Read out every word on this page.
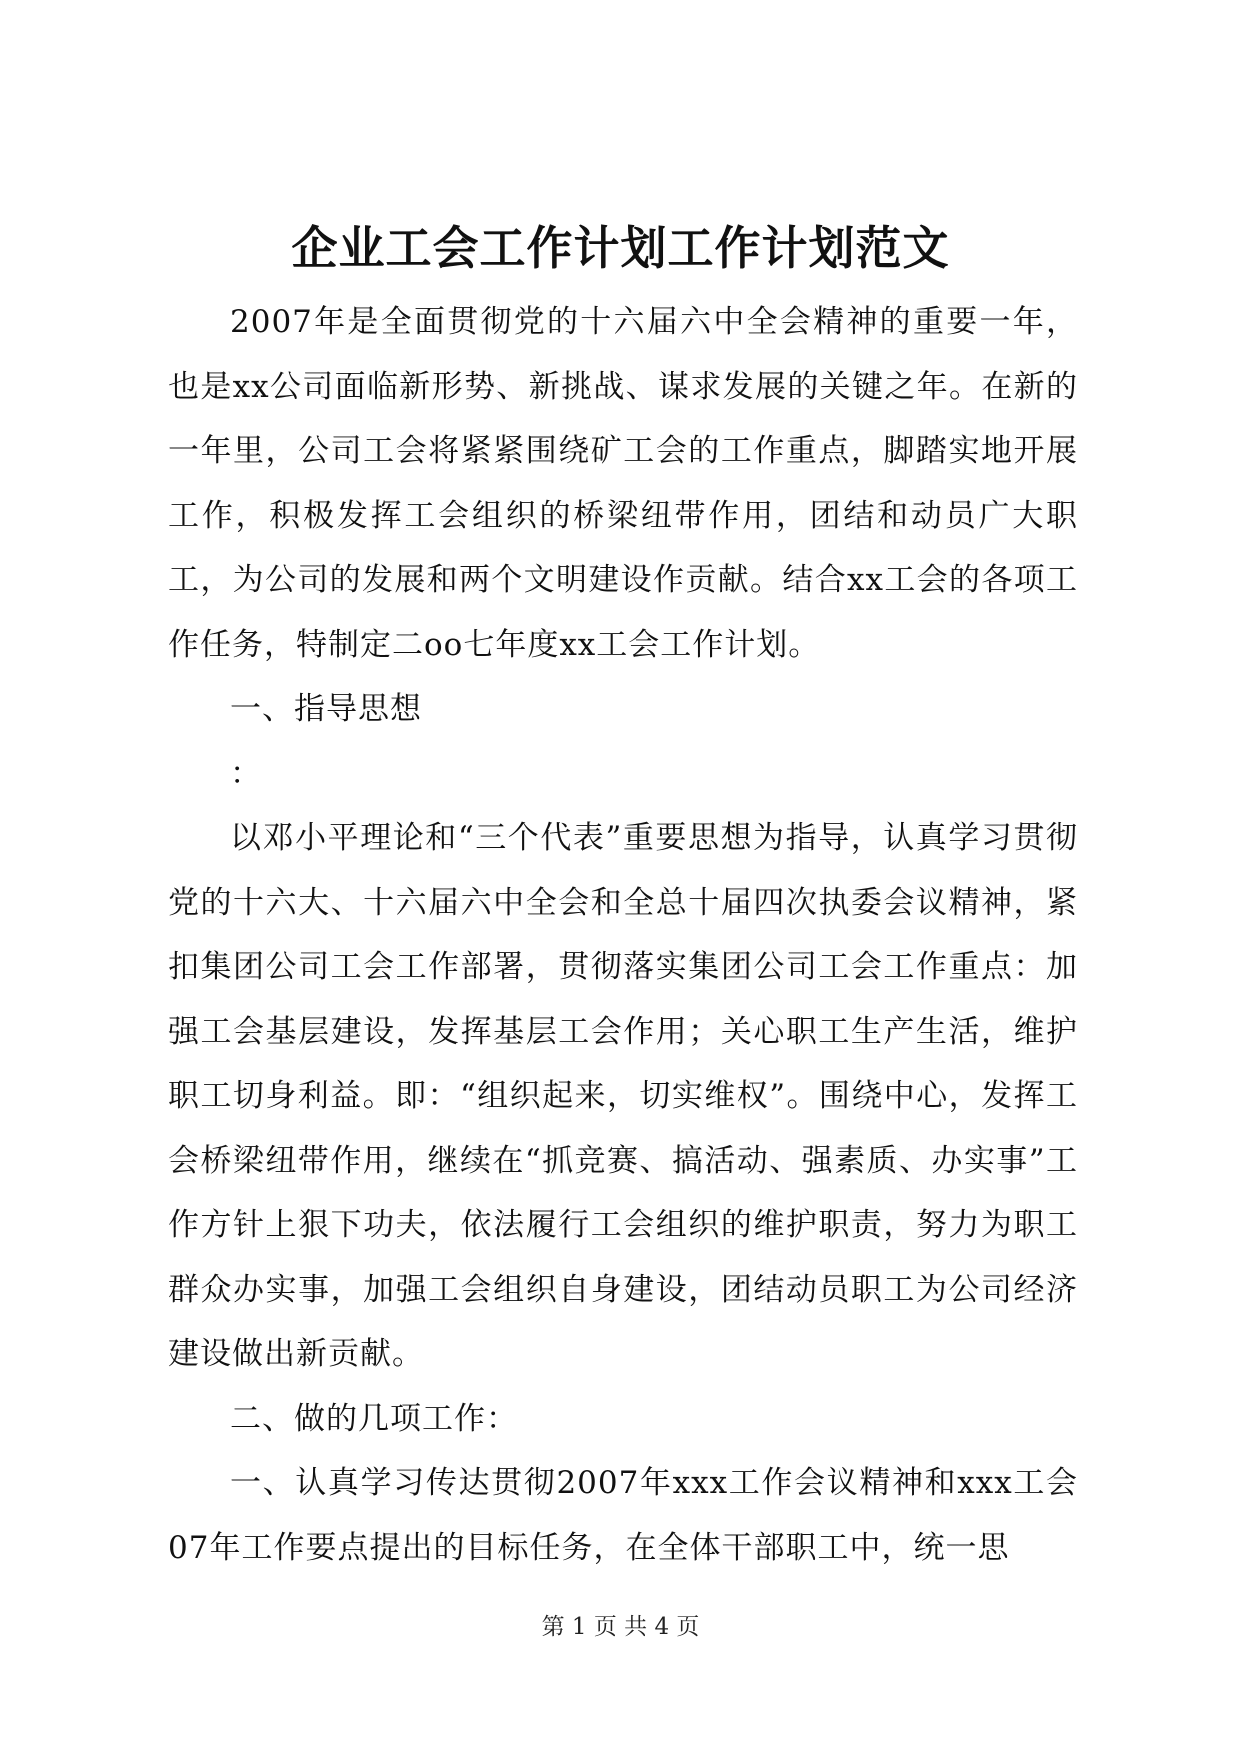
企业工会工作计划工作计划范文

2007年是全面贯彻党的十六届六中全会精神的重要一年，也是xx公司面临新形势、新挑战、谋求发展的关键之年。在新的一年里，公司工会将紧紧围绕矿工会的工作重点，脚踏实地开展工作，积极发挥工会组织的桥梁纽带作用，团结和动员广大职工，为公司的发展和两个文明建设作贡献。结合xx工会的各项工作任务，特制定二oo七年度xx工会工作计划。

一、指导思想

：

以邓小平理论和“三个代表”重要思想为指导，认真学习贯彻党的十六大、十六届六中全会和全总十届四次执委会议精神，紧扣集团公司工会工作部署，贯彻落实集团公司工会工作重点：加强工会基层建设，发挥基层工会作用；关心职工生产生活，维护职工切身利益。即：“组织起来，切实维权”。围绕中心，发挥工会桥梁纽带作用，继续在“抓竞赛、搞活动、强素质、办实事”工作方针上狠下功夫，依法履行工会组织的维护职责，努力为职工群众办实事，加强工会组织自身建设，团结动员职工为公司经济建设做出新贡献。

二、做的几项工作：

一、认真学习传达贯彻2007年xxx工作会议精神和xxx工会07年工作要点提出的目标任务，在全体干部职工中，统一思

第 1 页 共 4 页
